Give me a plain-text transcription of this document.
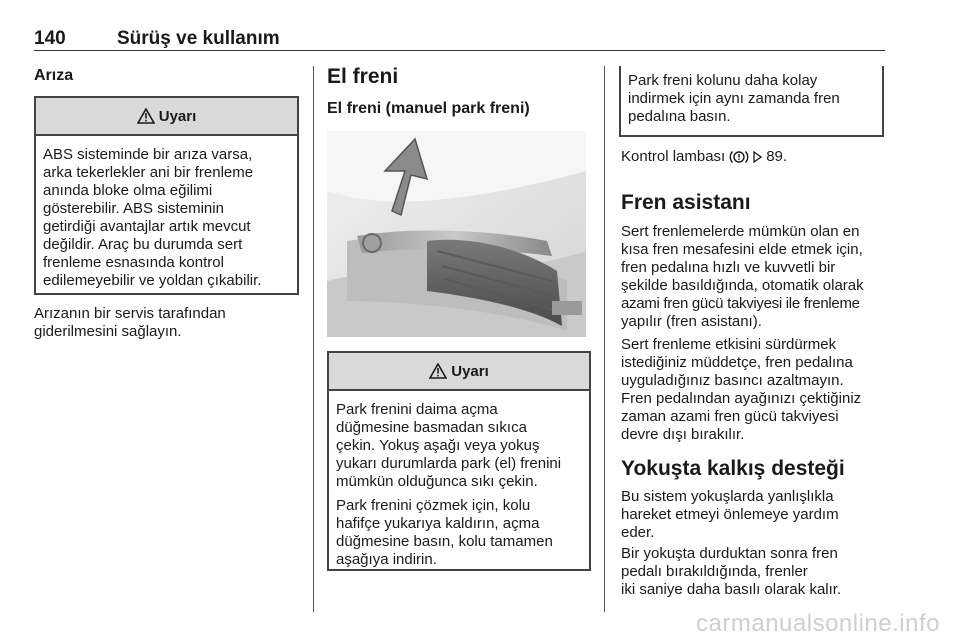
140	Sürüş ve kullanım
Arıza
Uyarı
ABS sisteminde bir arıza varsa,
arka tekerlekler ani bir frenleme
anında bloke olma eğilimi
gösterebilir. ABS sisteminin
getirdiği avantajlar artık mevcut
değildir. Araç bu durumda sert
frenleme esnasında kontrol
edilemeyebilir ve yoldan çıkabilir.
Arızanın bir servis tarafından
giderilmesini sağlayın.
El freni
El freni (manuel park freni)
Uyarı

Park frenini daima açma
düğmesine basmadan sıkıca
çekin. Yokuş aşağı veya yokuş
yukarı durumlarda park (el) frenini
mümkün olduğunca sıkı çekin.

Park frenini çözmek için, kolu
hafifçe yukarıya kaldırın, açma
düğmesine basın, kolu tamamen
aşağıya indirin.

Park freni kolunu daha kolay
indirmek için aynı zamanda fren
pedalına basın.
Kontrol lambası	89.
Fren asistanı
Sert frenlemelerde mümkün olan en
kısa fren mesafesini elde etmek için,
fren pedalına hızlı ve kuvvetli bir
şekilde basıldığında, otomatik olarak
azami fren gücü takviyesi ile frenleme
yapılır (fren asistanı).
Sert frenleme etkisini sürdürmek
istediğiniz müddetçe, fren pedalına
uyguladığınız basıncı azaltmayın.
Fren pedalından ayağınızı çektiğiniz
zaman azami fren gücü takviyesi
devre dışı bırakılır.
Yokuşta kalkış desteği
Bu sistem yokuşlarda yanlışlıkla
hareket etmeyi önlemeye yardım
eder.
Bir yokuşta durduktan sonra fren
pedalı bırakıldığında, frenler
iki saniye daha basılı olarak kalır.
carmanualsonline.info
